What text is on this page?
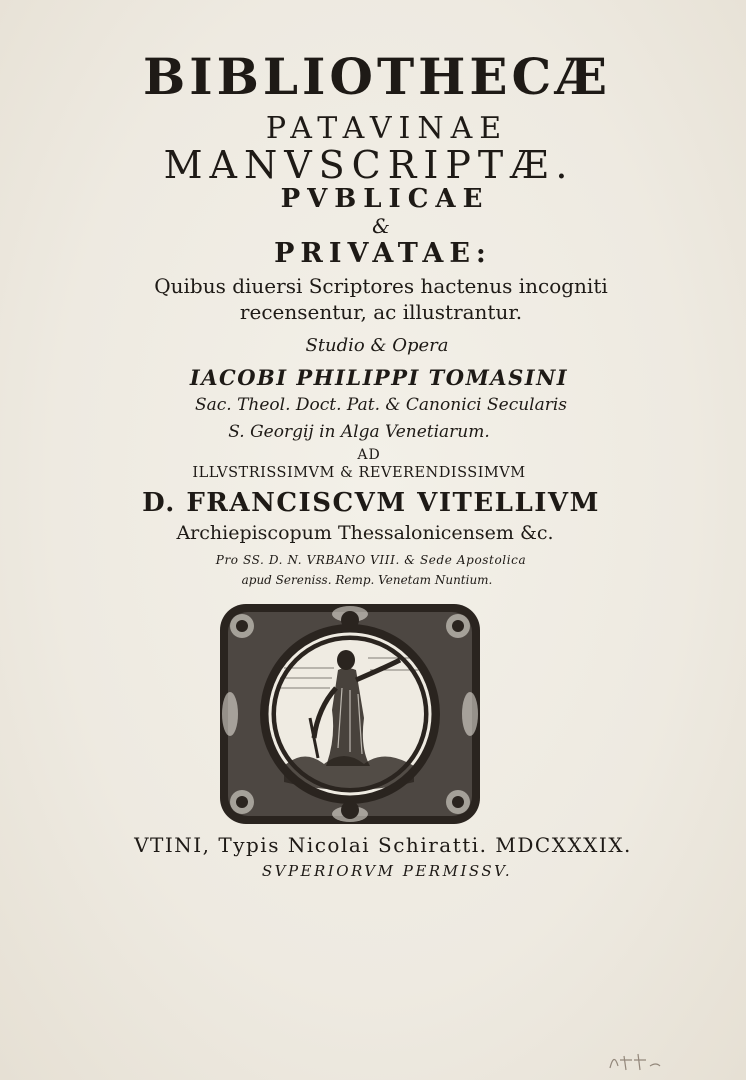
BIBLIOTHECÆ
PATAVINAE
MANVSCRIPTÆ.
PVBLICAE
&
PRIVATAE:
Quibus diuersi Scriptores hactenus incogniti
recensentur, ac illustrantur.
Studio & Opera
IACOBI PHILIPPI TOMASINI
Sac. Theol. Doct. Pat. & Canonici Secularis
S. Georgij in Alga Venetiarum.
AD
ILLVSTRISSIMVM & REVERENDISSIMVM
D. FRANCISCVM VITELLIVM
Archiepiscopum Thessalonicensem &c.
Pro SS. D. N. VRBANO VIII. & Sede Apostolica
apud Sereniss. Remp. Venetam Nuntium.
VTINI, Typis Nicolai Schiratti. MDCXXXIX.
SVPERIORVM PERMISSV.
